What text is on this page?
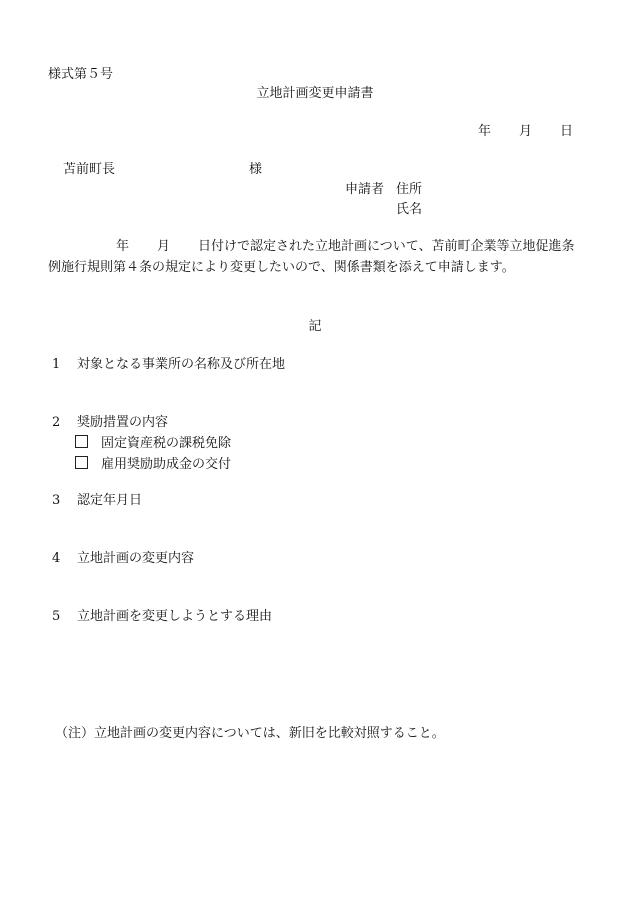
様式第５号
立地計画変更申請書
年 月 日
苫前町長	様
申請者 住所
氏名
年 月 日付けで認定された立地計画について、苫前町企業等立地促進条
例施行規則第４条の規定により変更したいので、関係書類を添えて申請します。
記
1 対象となる事業所の名称及び所在地
2 奨励措置の内容
固定資産税の課税免除
雇用奨励助成金の交付
3 認定年月日
4 立地計画の変更内容
5 立地計画を変更しようとする理由
（注）立地計画の変更内容については、新旧を比較対照すること。
